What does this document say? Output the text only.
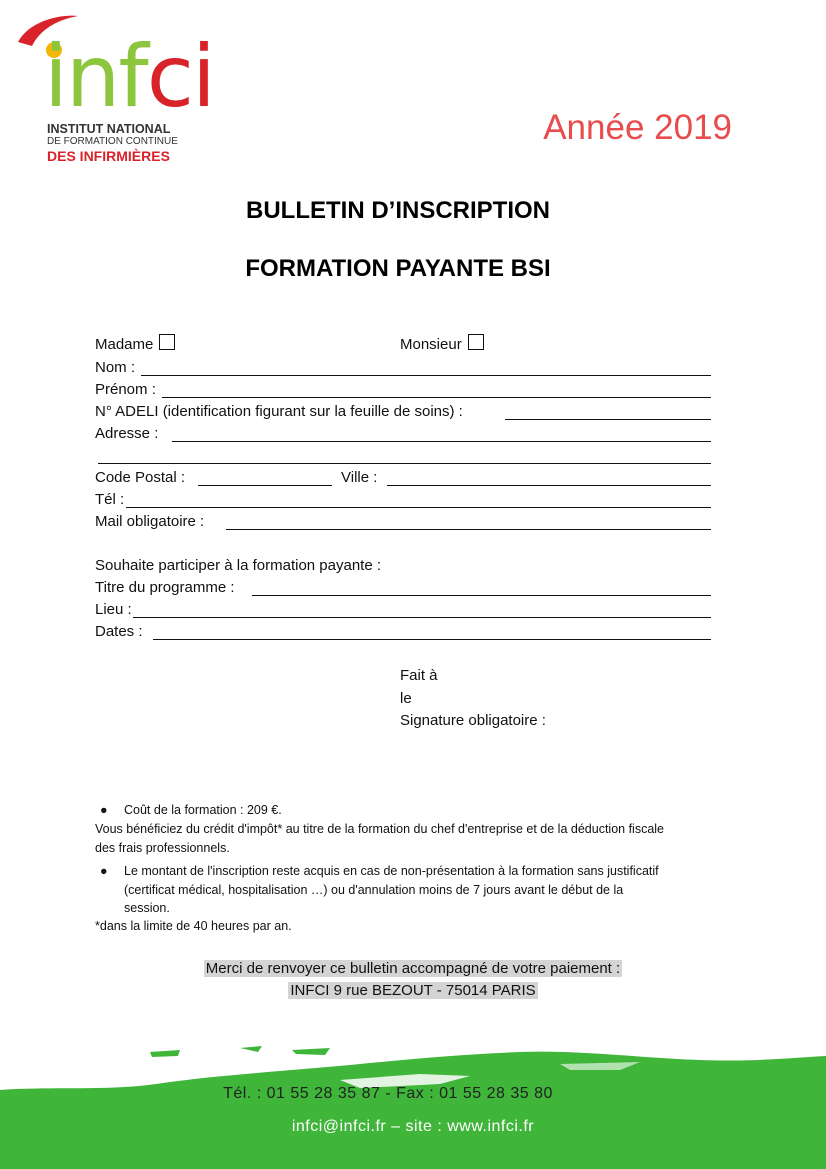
infci
INSTITUT NATIONAL
DE FORMATION CONTINUE
DES INFIRMIÈRES
Année 2019
BULLETIN D’INSCRIPTION
FORMATION PAYANTE BSI
Madame	Monsieur
Nom :
Prénom :
N° ADELI (identification figurant sur la feuille de soins) :
Adresse :
Code Postal :	Ville :
Tél :
Mail obligatoire :
Souhaite participer à la formation payante :
Titre du programme :
Lieu :
Dates :
Fait à
le
Signature obligatoire :
● Coût de la formation : 209 €.
Vous bénéficiez du crédit d'impôt* au titre de la formation du chef d'entreprise et de la déduction fiscale
des frais professionnels.
● Le montant de l'inscription reste acquis en cas de non-présentation à la formation sans justificatif
(certificat médical, hospitalisation …) ou d'annulation moins de 7 jours avant le début de la
session.
*dans la limite de 40 heures par an.
Merci de renvoyer ce bulletin accompagné de votre paiement :
INFCI 9 rue BEZOUT - 75014 PARIS
Tél. : 01 55 28 35 87 - Fax : 01 55 28 35 80
infci@infci.fr – site : www.infci.fr
